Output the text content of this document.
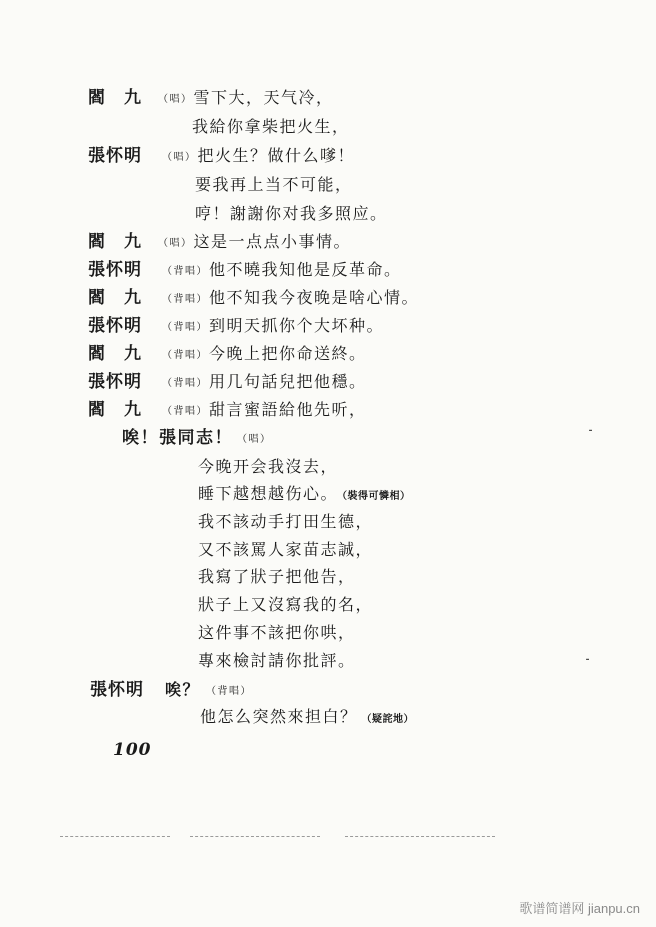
閻　九 （唱）雪下大，天气冷，
我給你拿柴把火生，
張怀明 （唱）把火生？做什么嗲！
要我再上当不可能，
哼！謝謝你对我多照应。
閻　九 （唱）这是一点点小事情。
張怀明 （背唱）他不曉我知他是反革命。
閻　九 （背唱）他不知我今夜晚是啥心情。
張怀明 （背唱）到明天抓你个大坏种。
閻　九 （背唱）今晚上把你命送終。
張怀明 （背唱）用几句話兒把他穩。
閻　九 （背唱）甜言蜜語給他先听，
唉！張同志！ （唱）
今晚开会我沒去，
睡下越想越伤心。 （裝得可憐相）
我不該动手打田生德，
又不該罵人家苗志誠，
我寫了狀子把他告，
狀子上又沒寫我的名，
这件事不該把你哄，
專來檢討請你批評。
張怀明 唉？ （背唱）
他怎么突然來担白？ （疑詫地）
100
⁃
⁃
歌谱简谱网 jianpu.cn
